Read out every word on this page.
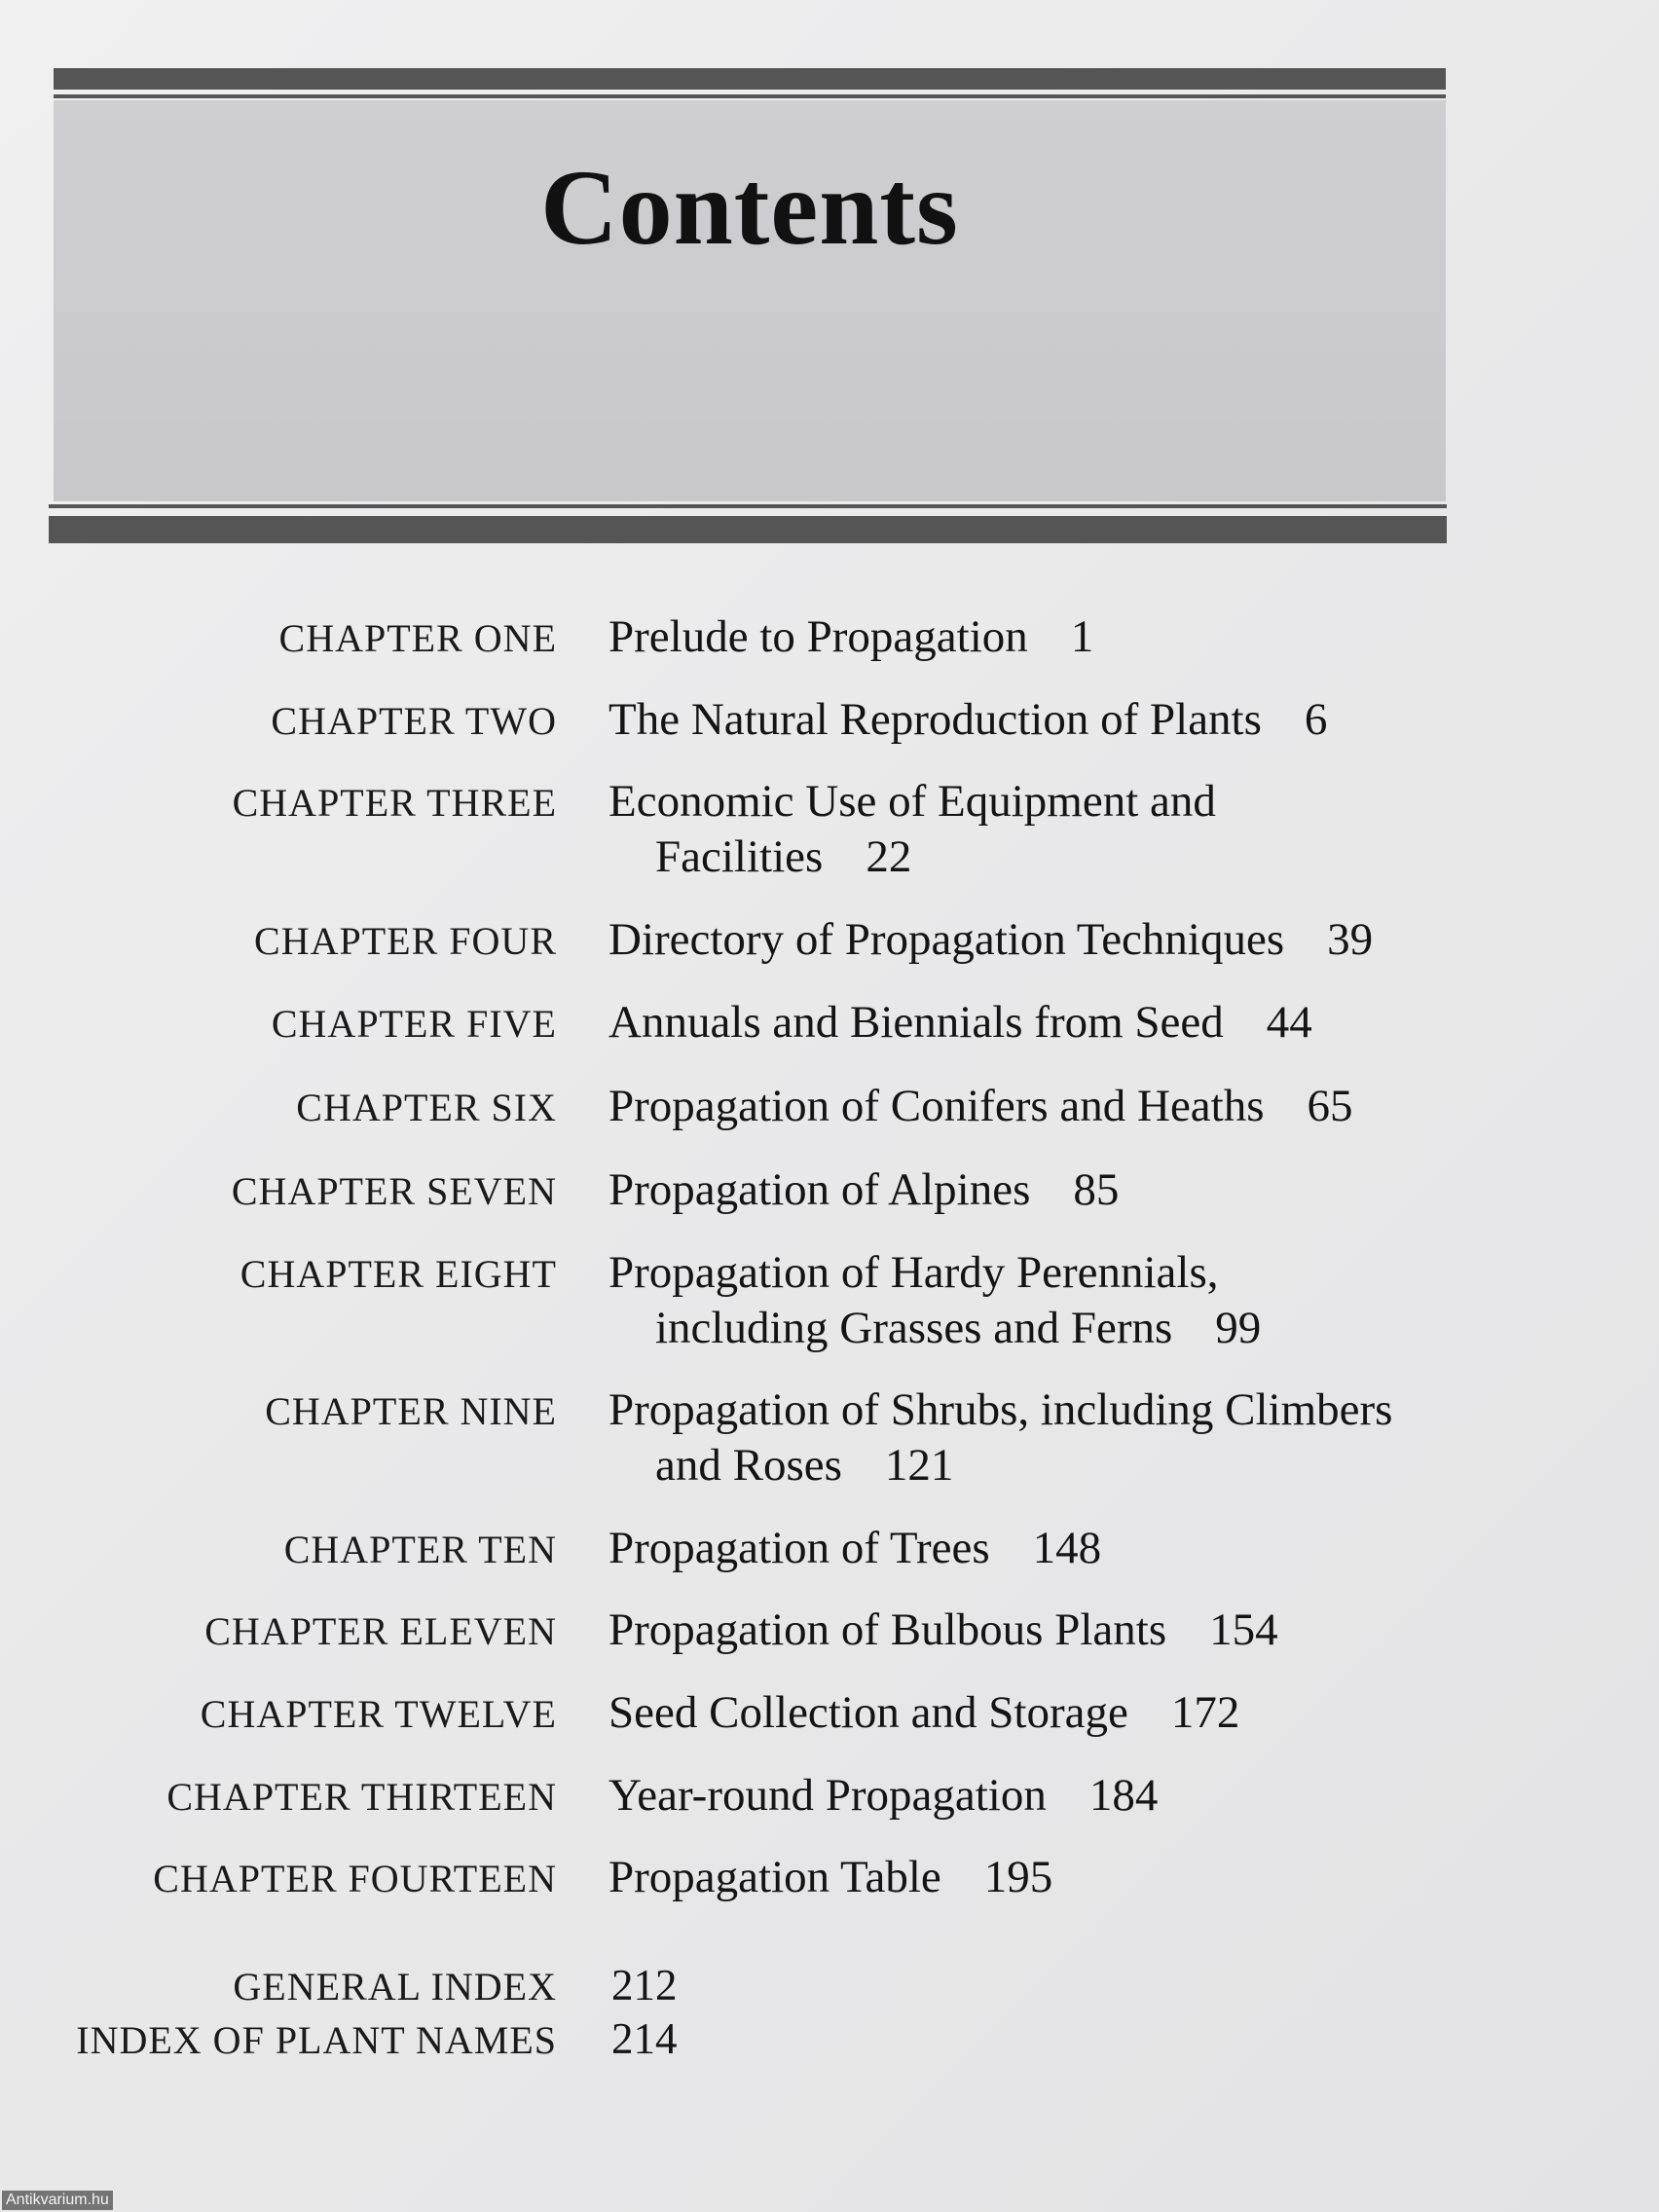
Contents
CHAPTER ONE Prelude to Propagation 1
CHAPTER TWO The Natural Reproduction of Plants 6
CHAPTER THREE Economic Use of Equipment and
Facilities 22
CHAPTER FOUR Directory of Propagation Techniques 39
CHAPTER FIVE Annuals and Biennials from Seed 44
CHAPTER SIX Propagation of Conifers and Heaths 65
CHAPTER SEVEN Propagation of Alpines 85
CHAPTER EIGHT Propagation of Hardy Perennials,
including Grasses and Ferns 99
CHAPTER NINE Propagation of Shrubs, including Climbers
and Roses 121
CHAPTER TEN Propagation of Trees 148
CHAPTER ELEVEN Propagation of Bulbous Plants 154
CHAPTER TWELVE Seed Collection and Storage 172
CHAPTER THIRTEEN Year-round Propagation 184
CHAPTER FOURTEEN Propagation Table 195
GENERAL INDEX 212
INDEX OF PLANT NAMES 214
Antikvarium.hu
